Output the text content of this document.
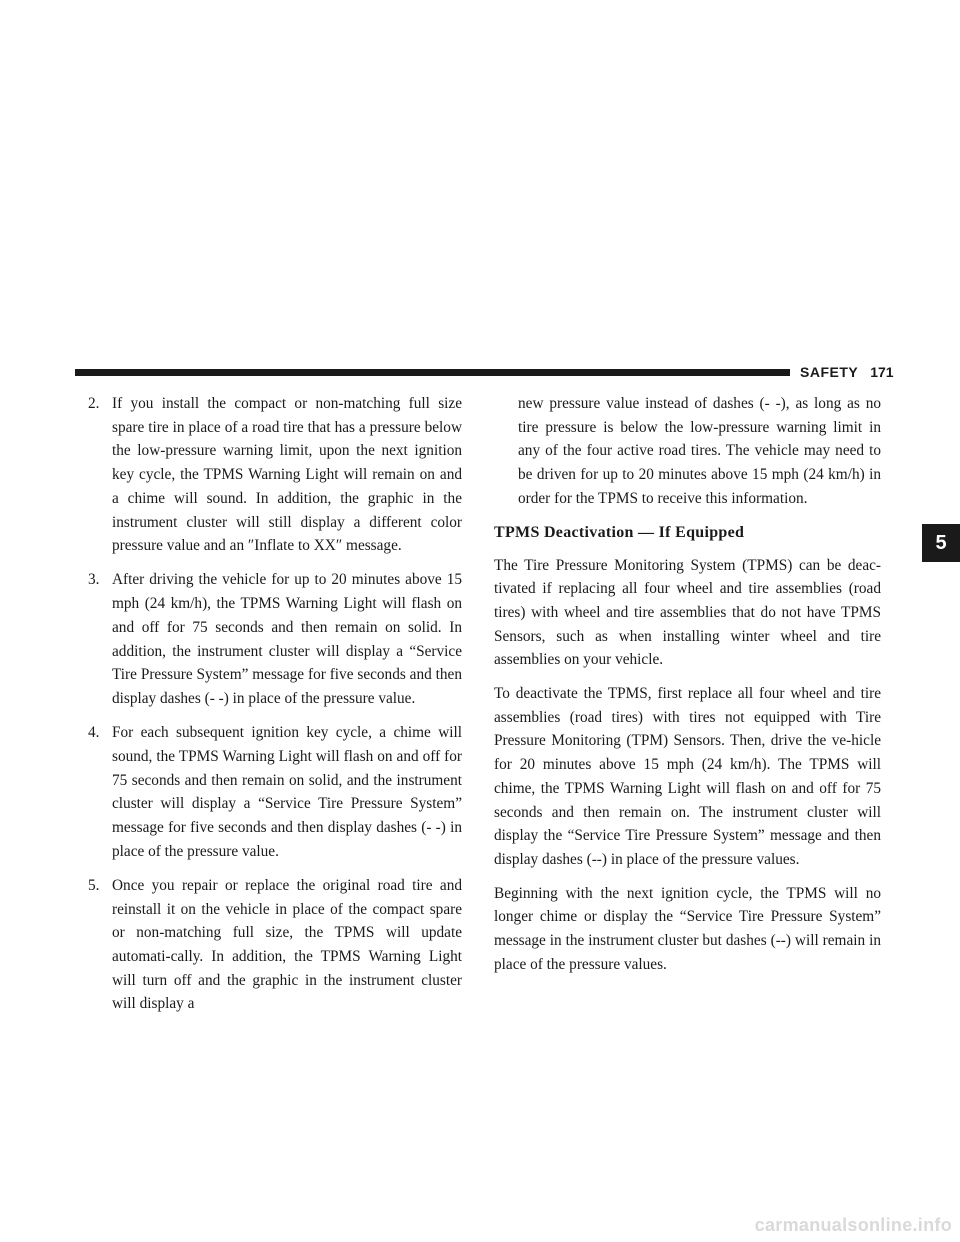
SAFETY 171
5
2. If you install the compact or non-matching full size spare tire in place of a road tire that has a pressure below the low-pressure warning limit, upon the next ignition key cycle, the TPMS Warning Light will remain on and a chime will sound. In addition, the graphic in the instrument cluster will still display a different color pressure value and an ″Inflate to XX″ message.
3. After driving the vehicle for up to 20 minutes above 15 mph (24 km/h), the TPMS Warning Light will flash on and off for 75 seconds and then remain on solid. In addition, the instrument cluster will display a “Service Tire Pressure System” message for five seconds and then display dashes (- -) in place of the pressure value.
4. For each subsequent ignition key cycle, a chime will sound, the TPMS Warning Light will flash on and off for 75 seconds and then remain on solid, and the instrument cluster will display a “Service Tire Pressure System” message for five seconds and then display dashes (- -) in place of the pressure value.
5. Once you repair or replace the original road tire and reinstall it on the vehicle in place of the compact spare or non-matching full size, the TPMS will update automati-cally. In addition, the TPMS Warning Light will turn off and the graphic in the instrument cluster will display a

new pressure value instead of dashes (- -), as long as no tire pressure is below the low-pressure warning limit in any of the four active road tires. The vehicle may need to be driven for up to 20 minutes above 15 mph (24 km/h) in order for the TPMS to receive this information.

TPMS Deactivation — If Equipped

The Tire Pressure Monitoring System (TPMS) can be deac-tivated if replacing all four wheel and tire assemblies (road tires) with wheel and tire assemblies that do not have TPMS Sensors, such as when installing winter wheel and tire assemblies on your vehicle.

To deactivate the TPMS, first replace all four wheel and tire assemblies (road tires) with tires not equipped with Tire Pressure Monitoring (TPM) Sensors. Then, drive the ve-hicle for 20 minutes above 15 mph (24 km/h). The TPMS will chime, the TPMS Warning Light will flash on and off for 75 seconds and then remain on. The instrument cluster will display the “Service Tire Pressure System” message and then display dashes (--) in place of the pressure values.

Beginning with the next ignition cycle, the TPMS will no longer chime or display the “Service Tire Pressure System” message in the instrument cluster but dashes (--) will remain in place of the pressure values.

carmanualsonline.info
